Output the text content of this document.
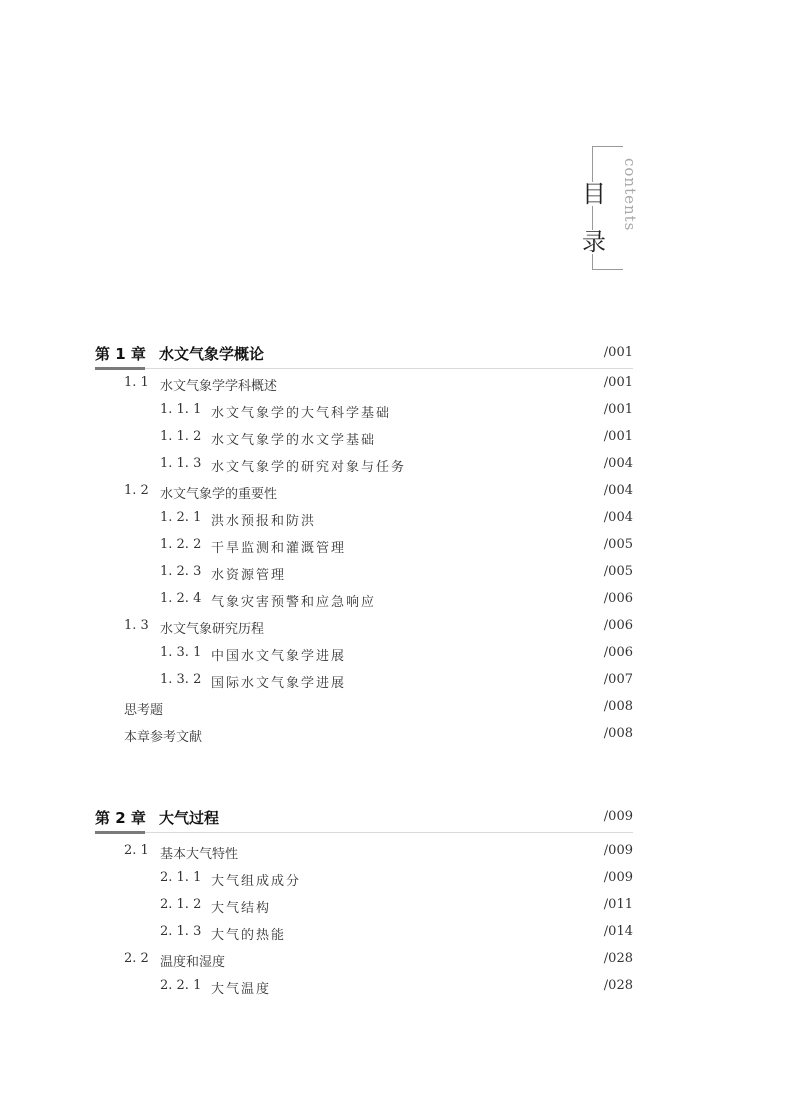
目
录
contents
第 1 章 水文气象学概论	/001
1. 1 水文气象学学科概述	/001
1. 1. 1 水文气象学的大气科学基础	/001
1. 1. 2 水文气象学的水文学基础	/001
1. 1. 3 水文气象学的研究对象与任务	/004
1. 2 水文气象学的重要性	/004
1. 2. 1 洪水预报和防洪	/004
1. 2. 2 干旱监测和灌溉管理	/005
1. 2. 3 水资源管理	/005
1. 2. 4 气象灾害预警和应急响应	/006
1. 3 水文气象研究历程	/006
1. 3. 1 中国水文气象学进展	/006
1. 3. 2 国际水文气象学进展	/007
思考题	/008
本章参考文献	/008
第 2 章 大气过程	/009
2. 1 基本大气特性	/009
2. 1. 1 大气组成成分	/009
2. 1. 2 大气结构	/011
2. 1. 3 大气的热能	/014
2. 2 温度和湿度	/028
2. 2. 1 大气温度	/028
